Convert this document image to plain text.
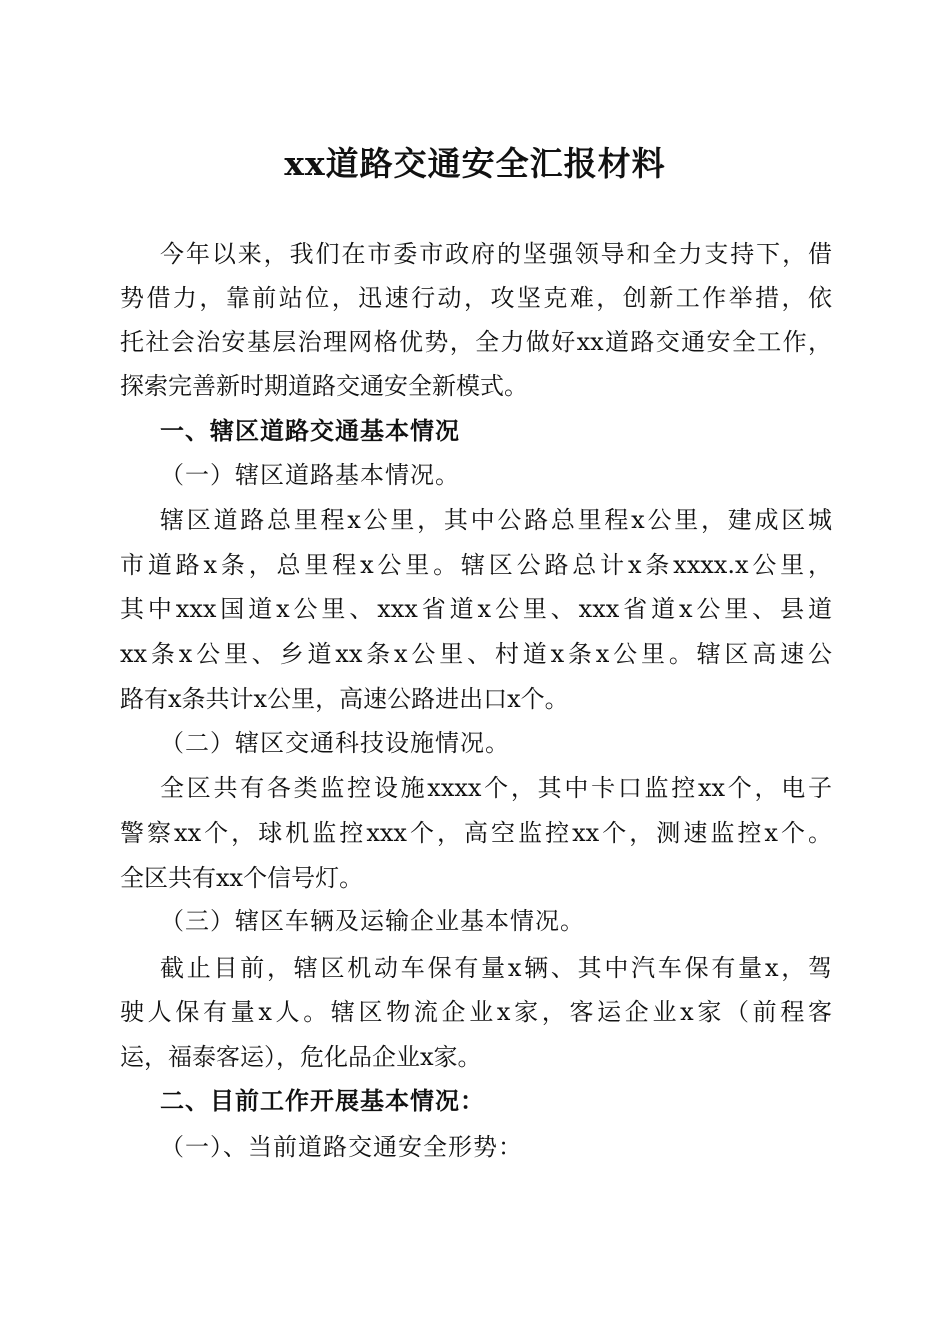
xx道路交通安全汇报材料
今年以来，我们在市委市政府的坚强领导和全力支持下，借
势借力，靠前站位，迅速行动，攻坚克难，创新工作举措，依
托社会治安基层治理网格优势，全力做好xx道路交通安全工作，
探索完善新时期道路交通安全新模式。
一、辖区道路交通基本情况
（一）辖区道路基本情况。
辖区道路总里程x公里，其中公路总里程x公里，建成区城
市道路x条，总里程x公里。辖区公路总计x条xxxx.x公里，
其中xxx国道x公里、xxx省道x公里、xxx省道x公里、县道
xx条x公里、乡道xx条x公里、村道x条x公里。辖区高速公
路有x条共计x公里，高速公路进出口x个。
（二）辖区交通科技设施情况。
全区共有各类监控设施xxxx个，其中卡口监控xx个，电子
警察xx个，球机监控xxx个，高空监控xx个，测速监控x个。
全区共有xx个信号灯。
（三）辖区车辆及运输企业基本情况。
截止目前，辖区机动车保有量x辆、其中汽车保有量x，驾
驶人保有量x人。辖区物流企业x家，客运企业x家（前程客
运，福泰客运），危化品企业x家。
二、目前工作开展基本情况：
（一）、当前道路交通安全形势：
